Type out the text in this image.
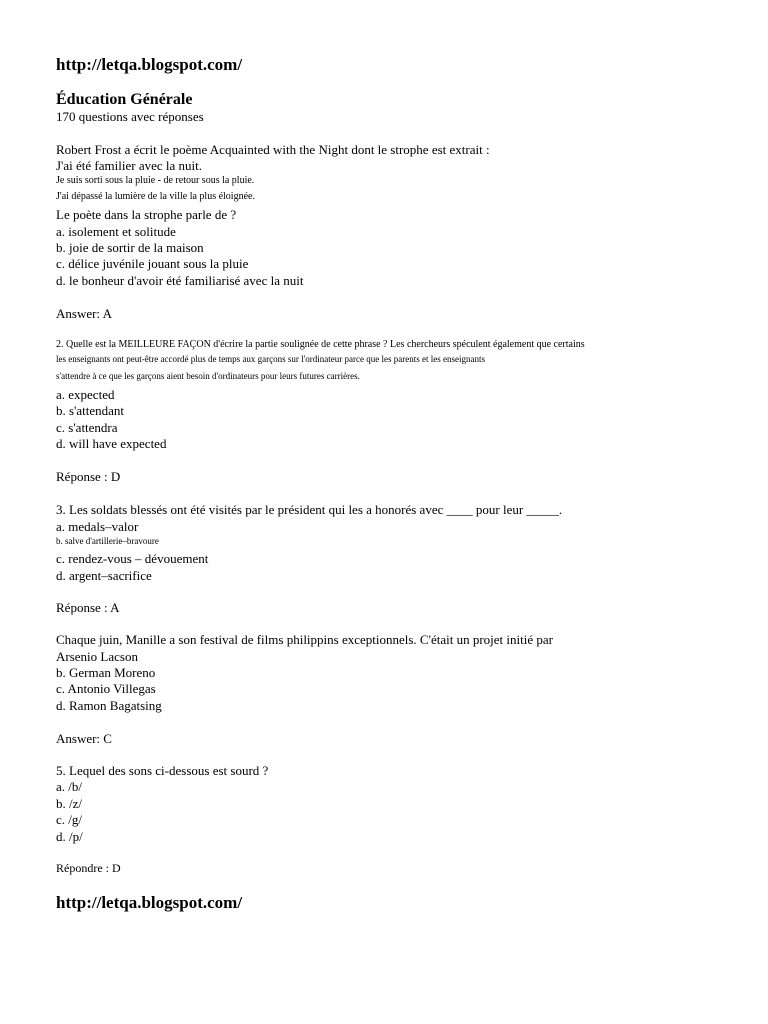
http://letqa.blogspot.com/
Éducation Générale
170 questions avec réponses
Robert Frost a écrit le poème Acquainted with the Night dont le strophe est extrait :
J'ai été familier avec la nuit.
Je suis sorti sous la pluie - de retour sous la pluie.
J'ai dépassé la lumière de la ville la plus éloignée.
Le poète dans la strophe parle de ?
a. isolement et solitude
b. joie de sortir de la maison
c. délice juvénile jouant sous la pluie
d. le bonheur d'avoir été familiarisé avec la nuit
Answer: A
2. Quelle est la MEILLEURE FAÇON d'écrire la partie soulignée de cette phrase ? Les chercheurs spéculent également que certains
les enseignants ont peut-être accordé plus de temps aux garçons sur l'ordinateur parce que les parents et les enseignants
s'attendre à ce que les garçons aient besoin d'ordinateurs pour leurs futures carrières.
a. expected
b. s'attendant
c. s'attendra
d. will have expected
Réponse : D
3. Les soldats blessés ont été visités par le président qui les a honorés avec ____ pour leur _____.
a. medals–valor
b. salve d'artillerie–bravoure
c. rendez-vous – dévouement
d. argent–sacrifice
Réponse : A
Chaque juin, Manille a son festival de films philippins exceptionnels. C'était un projet initié par
Arsenio Lacson
b. German Moreno
c. Antonio Villegas
d. Ramon Bagatsing
Answer: C
5. Lequel des sons ci-dessous est sourd ?
a. /b/
b. /z/
c. /g/
d. /p/
Répondre : D
http://letqa.blogspot.com/
